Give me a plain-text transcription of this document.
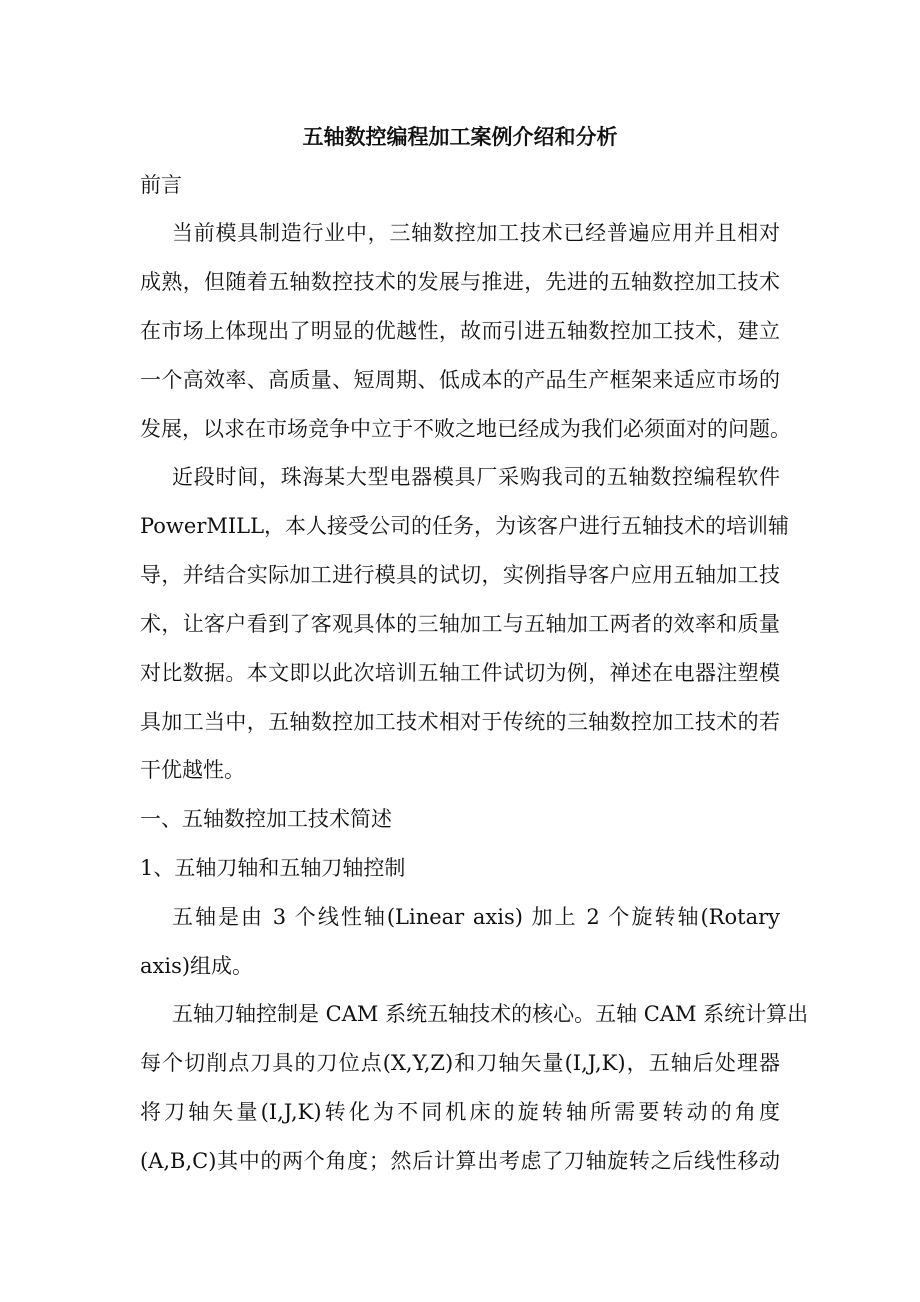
五轴数控编程加工案例介绍和分析
前言
当前模具制造行业中，三轴数控加工技术已经普遍应用并且相对
成熟，但随着五轴数控技术的发展与推进，先进的五轴数控加工技术
在市场上体现出了明显的优越性，故而引进五轴数控加工技术，建立
一个高效率、高质量、短周期、低成本的产品生产框架来适应市场的
发展，以求在市场竞争中立于不败之地已经成为我们必须面对的问题。
近段时间，珠海某大型电器模具厂采购我司的五轴数控编程软件
PowerMILL，本人接受公司的任务，为该客户进行五轴技术的培训辅
导，并结合实际加工进行模具的试切，实例指导客户应用五轴加工技
术，让客户看到了客观具体的三轴加工与五轴加工两者的效率和质量
对比数据。本文即以此次培训五轴工件试切为例，禅述在电器注塑模
具加工当中，五轴数控加工技术相对于传统的三轴数控加工技术的若
干优越性。
一、五轴数控加工技术简述
1、五轴刀轴和五轴刀轴控制
五轴是由 3 个线性轴(Linear axis) 加上 2 个旋转轴(Rotary
axis)组成。
五轴刀轴控制是 CAM 系统五轴技术的核心。五轴 CAM 系统计算出
每个切削点刀具的刀位点(X,Y,Z)和刀轴矢量(I,J,K)，五轴后处理器
将刀轴矢量(I,J,K)转化为不同机床的旋转轴所需要转动的角度
(A,B,C)其中的两个角度；然后计算出考虑了刀轴旋转之后线性移动
